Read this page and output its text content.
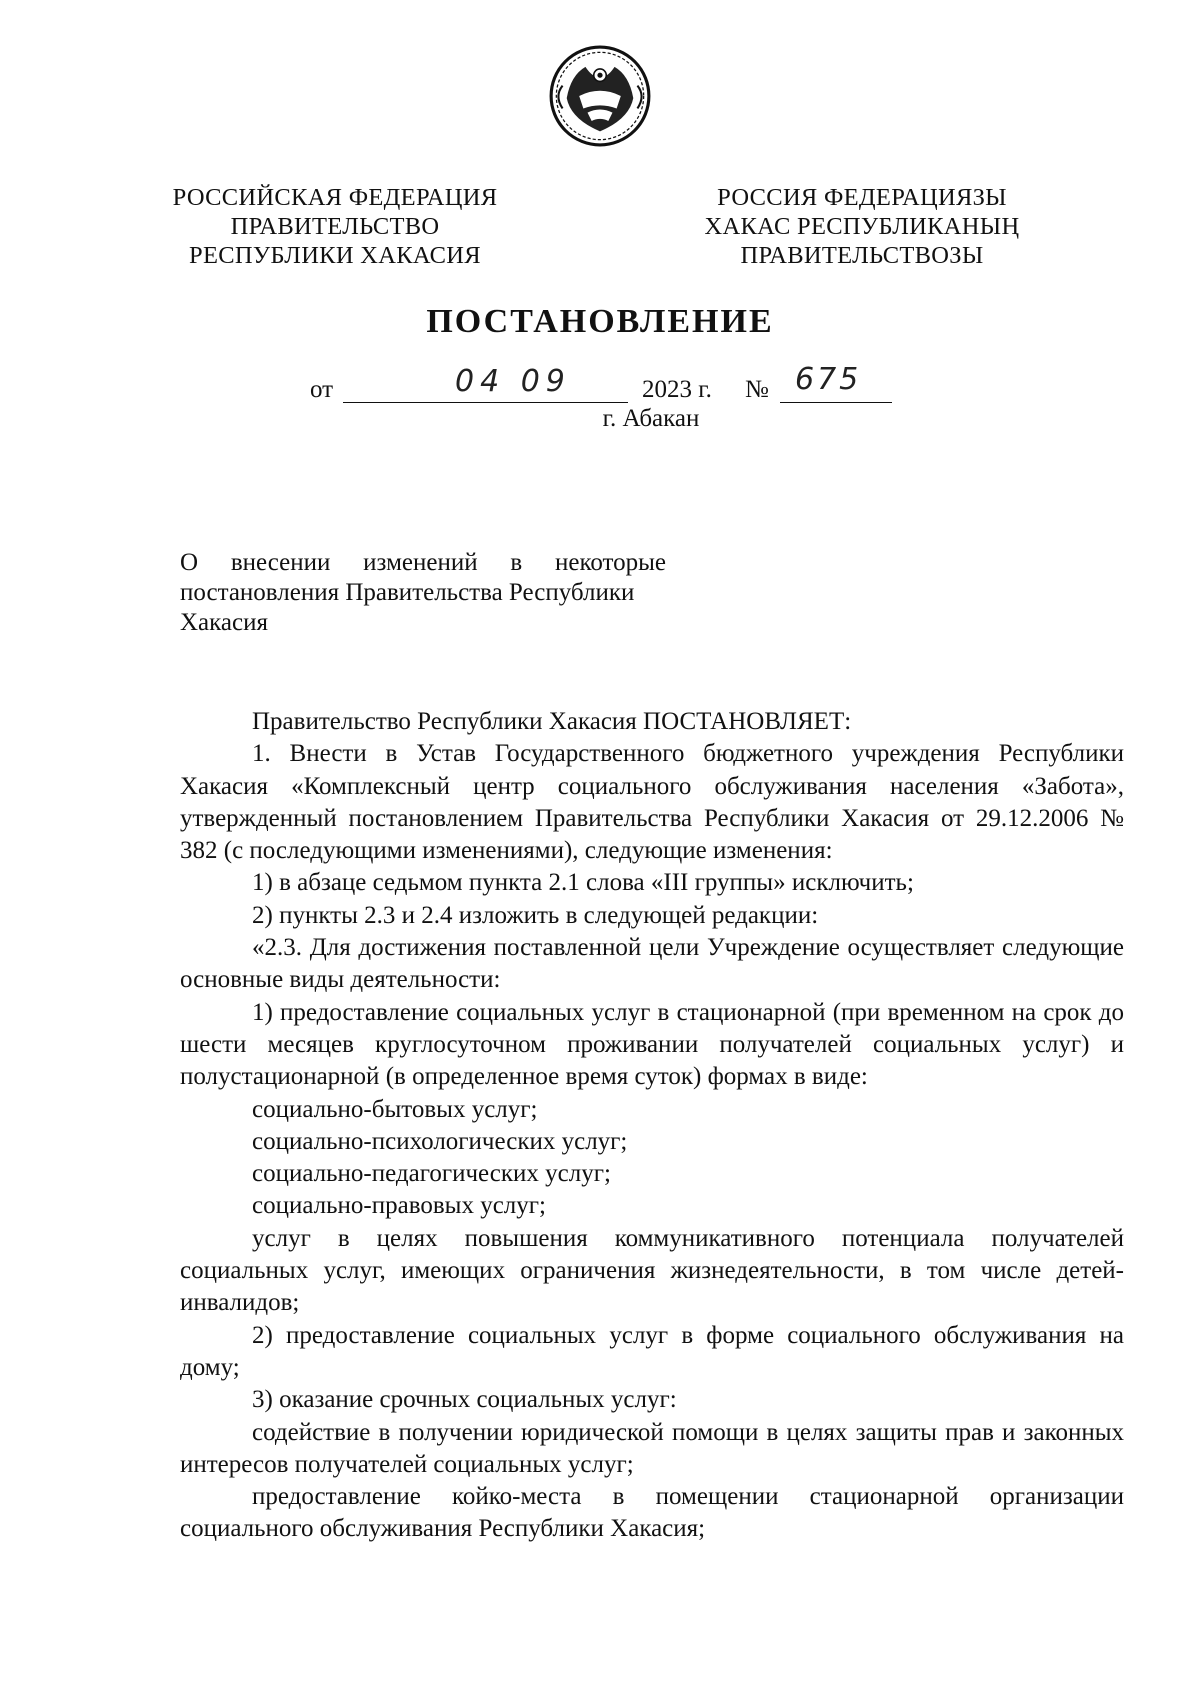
РОССИЙСКАЯ ФЕДЕРАЦИЯ
ПРАВИТЕЛЬСТВО
РЕСПУБЛИКИ ХАКАСИЯ
РОССИЯ ФЕДЕРАЦИЯЗЫ
ХАКАС РЕСПУБЛИКАНЫҢ
ПРАВИТЕЛЬСТВОЗЫ
ПОСТАНОВЛЕНИЕ
от	04 09	2023 г. № 675
г. Абакан
О внесении изменений в некоторые
постановления Правительства Республики
Хакасия

Правительство Республики Хакасия ПОСТАНОВЛЯЕТ:

1. Внести в Устав Государственного бюджетного учреждения Республики Хакасия «Комплексный центр социального обслуживания населения «Забота», утвержденный постановлением Правительства Республики Хакасия от 29.12.2006 № 382 (с последующими изменениями), следующие изменения:

1) в абзаце седьмом пункта 2.1 слова «III группы» исключить;

2) пункты 2.3 и 2.4 изложить в следующей редакции:

«2.3. Для достижения поставленной цели Учреждение осуществляет следующие основные виды деятельности:

1) предоставление социальных услуг в стационарной (при временном на срок до шести месяцев круглосуточном проживании получателей социальных услуг) и полустационарной (в определенное время суток) формах в виде:

социально-бытовых услуг;

социально-психологических услуг;

социально-педагогических услуг;

социально-правовых услуг;

услуг в целях повышения коммуникативного потенциала получателей социальных услуг, имеющих ограничения жизнедеятельности, в том числе детей-инвалидов;

2) предоставление социальных услуг в форме социального обслуживания на дому;

3) оказание срочных социальных услуг:

содействие в получении юридической помощи в целях защиты прав и законных интересов получателей социальных услуг;

предоставление койко-места в помещении стационарной организации социального обслуживания Республики Хакасия;
